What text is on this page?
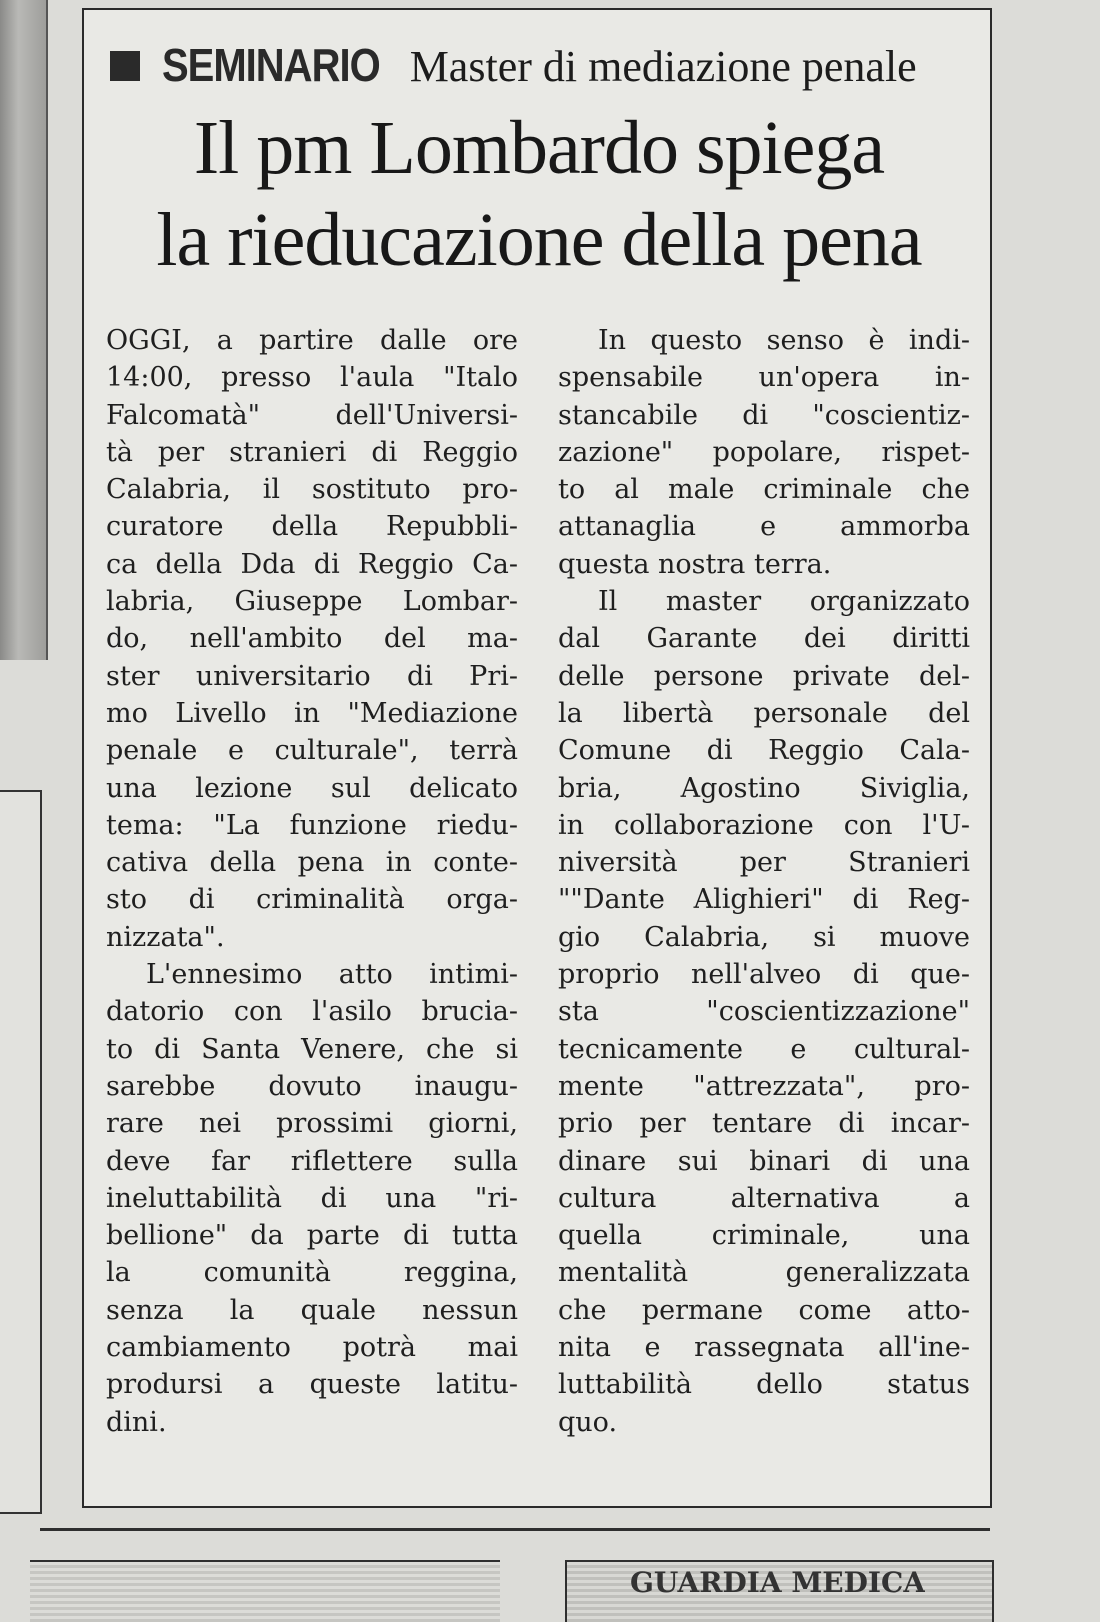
SEMINARIO Master di mediazione penale
Il pm Lombardo spiega
la rieducazione della pena
OGGI, a partire dalle ore
14:00, presso l'aula "Italo
Falcomatà" dell'Universi-
tà per stranieri di Reggio
Calabria, il sostituto pro-
curatore della Repubbli-
ca della Dda di Reggio Ca-
labria, Giuseppe Lombar-
do, nell'ambito del ma-
ster universitario di Pri-
mo Livello in "Mediazione
penale e culturale", terrà
una lezione sul delicato
tema: "La funzione riedu-
cativa della pena in conte-
sto di criminalità orga-
nizzata".
L'ennesimo atto intimi-
datorio con l'asilo brucia-
to di Santa Venere, che si
sarebbe dovuto inaugu-
rare nei prossimi giorni,
deve far riflettere sulla
ineluttabilità di una "ri-
bellione" da parte di tutta
la comunità reggina,
senza la quale nessun
cambiamento potrà mai
prodursi a queste latitu-
dini.
In questo senso è indi-
spensabile un'opera in-
stancabile di "coscientiz-
zazione" popolare, rispet-
to al male criminale che
attanaglia e ammorba
questa nostra terra.
Il master organizzato
dal Garante dei diritti
delle persone private del-
la libertà personale del
Comune di Reggio Cala-
bria, Agostino Siviglia,
in collaborazione con l'U-
niversità per Stranieri
""Dante Alighieri" di Reg-
gio Calabria, si muove
proprio nell'alveo di que-
sta "coscientizzazione"
tecnicamente e cultural-
mente "attrezzata", pro-
prio per tentare di incar-
dinare sui binari di una
cultura alternativa a
quella criminale, una
mentalità generalizzata
che permane come atto-
nita e rassegnata all'ine-
luttabilità dello status
quo.
GUARDIA MEDICA
